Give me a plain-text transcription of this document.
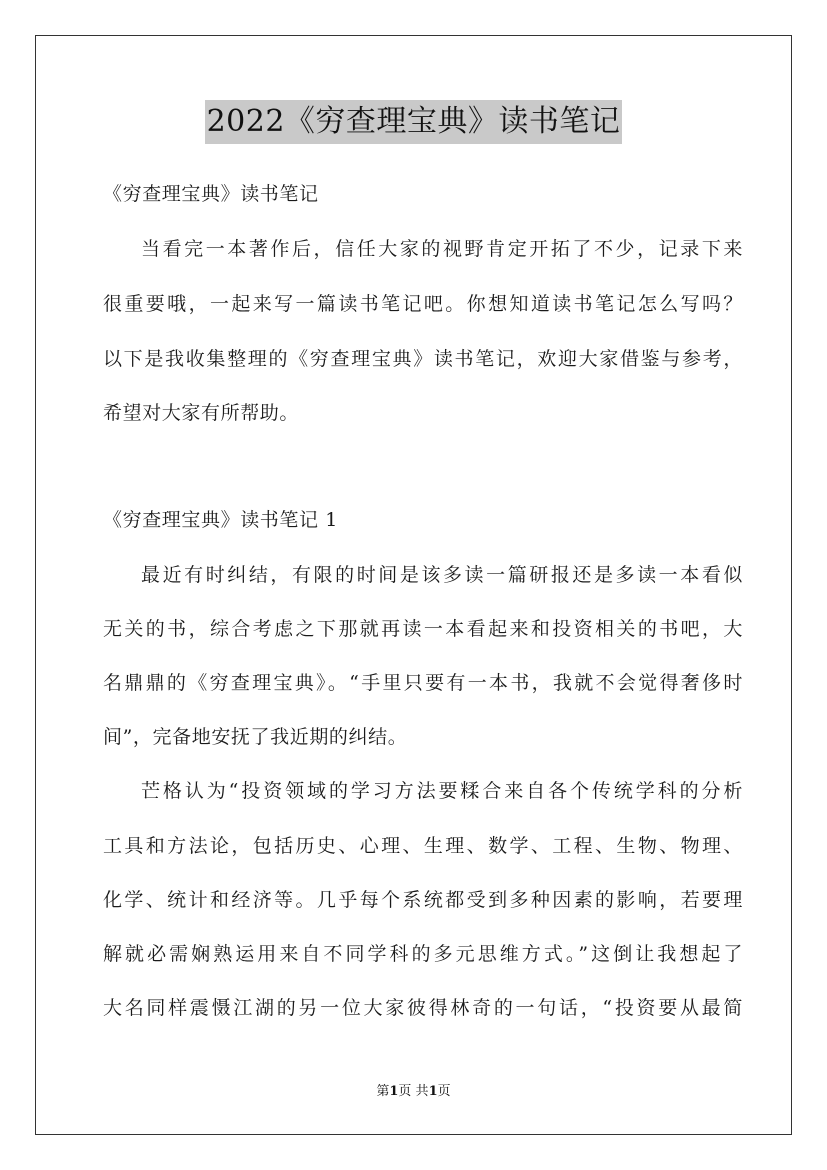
2022《穷查理宝典》读书笔记
《穷查理宝典》读书笔记
当看完一本著作后，信任大家的视野肯定开拓了不少，记录下来
很重要哦，一起来写一篇读书笔记吧。你想知道读书笔记怎么写吗？
以下是我收集整理的《穷查理宝典》读书笔记，欢迎大家借鉴与参考，
希望对大家有所帮助。
《穷查理宝典》读书笔记 1
最近有时纠结，有限的时间是该多读一篇研报还是多读一本看似
无关的书，综合考虑之下那就再读一本看起来和投资相关的书吧，大
名鼎鼎的《穷查理宝典》。“手里只要有一本书，我就不会觉得奢侈时
间”，完备地安抚了我近期的纠结。
芒格认为“投资领域的学习方法要糅合来自各个传统学科的分析
工具和方法论，包括历史、心理、生理、数学、工程、生物、物理、
化学、统计和经济等。几乎每个系统都受到多种因素的影响，若要理
解就必需娴熟运用来自不同学科的多元思维方式。”这倒让我想起了
大名同样震慑江湖的另一位大家彼得林奇的一句话，“投资要从最简
第1页 共1页
